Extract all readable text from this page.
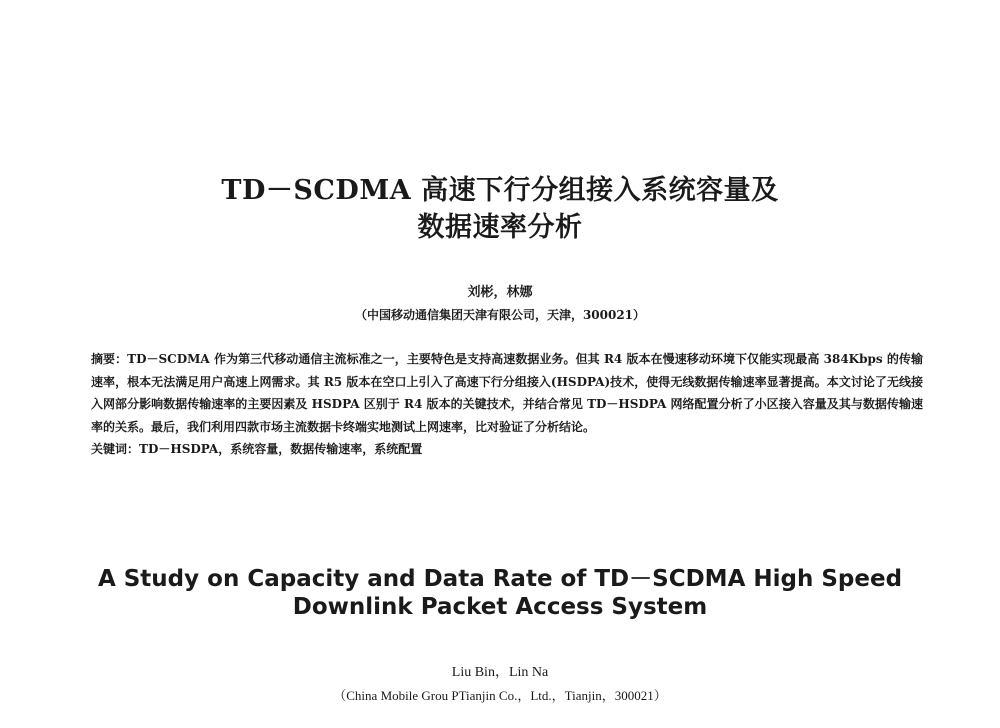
TD－SCDMA 高速下行分组接入系统容量及
数据速率分析
刘彬，林娜
（中国移动通信集团天津有限公司，天津，300021）

摘要：TD－SCDMA 作为第三代移动通信主流标准之一，主要特色是支持高速数据业务。但其 R4 版本在慢速移动环境下仅能实现最高 384Kbps 的传输速率，根本无法满足用户高速上网需求。其 R5 版本在空口上引入了高速下行分组接入(HSDPA)技术，使得无线数据传输速率显著提高。本文讨论了无线接入网部分影响数据传输速率的主要因素及 HSDPA 区别于 R4 版本的关键技术，并结合常见 TD－HSDPA 网络配置分析了小区接入容量及其与数据传输速率的关系。最后，我们利用四款市场主流数据卡终端实地测试上网速率，比对验证了分析结论。

关键词：TD－HSDPA，系统容量，数据传输速率，系统配置

A Study on Capacity and Data Rate of TD－SCDMA High Speed
Downlink Packet Access System
Liu Bin，Lin Na
（China Mobile Grou PTianjin Co.，Ltd.，Tianjin，300021）
